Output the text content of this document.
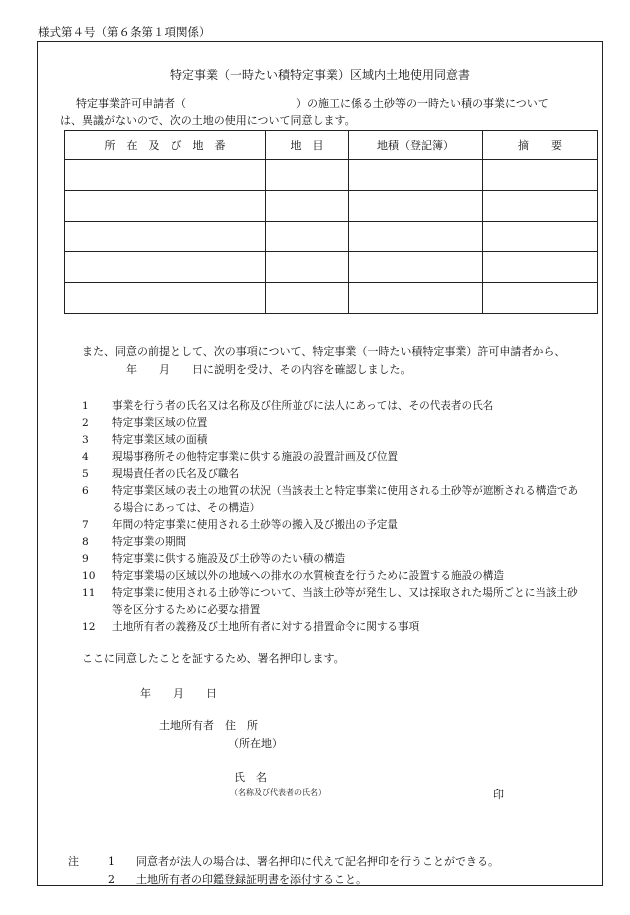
様式第４号（第６条第１項関係）
特定事業（一時たい積特定事業）区域内土地使用同意書
特定事業許可申請者（　　　　　　　　　　）の施工に係る土砂等の一時たい積の事業について
は、異議がないので、次の土地の使用について同意します。
所　在　及　び　地　番	地　目	地積（登記簿）	摘　　要

また、同意の前提として、次の事項について、特定事業（一時たい積特定事業）許可申請者から、
年　　月　　日に説明を受け、その内容を確認しました。
1	事業を行う者の氏名又は名称及び住所並びに法人にあっては、その代表者の氏名
2	特定事業区域の位置
3	特定事業区域の面積
4	現場事務所その他特定事業に供する施設の設置計画及び位置
5	現場責任者の氏名及び職名
6	特定事業区域の表土の地質の状況（当該表土と特定事業に使用される土砂等が遮断される構造である場合にあっては、その構造）
7	年間の特定事業に使用される土砂等の搬入及び搬出の予定量
8	特定事業の期間
9	特定事業に供する施設及び土砂等のたい積の構造
10	特定事業場の区域以外の地域への排水の水質検査を行うために設置する施設の構造
11	特定事業に使用される土砂等について、当該土砂等が発生し、又は採取された場所ごとに当該土砂等を区分するために必要な措置
12	土地所有者の義務及び土地所有者に対する措置命令に関する事項
ここに同意したことを証するため、署名押印します。
年　　月　　日
土地所有者　住　所
（所在地）
氏　名
（名称及び代表者の氏名）	印
注	1 同意者が法人の場合は、署名押印に代えて記名押印を行うことができる。
2 土地所有者の印鑑登録証明書を添付すること。
